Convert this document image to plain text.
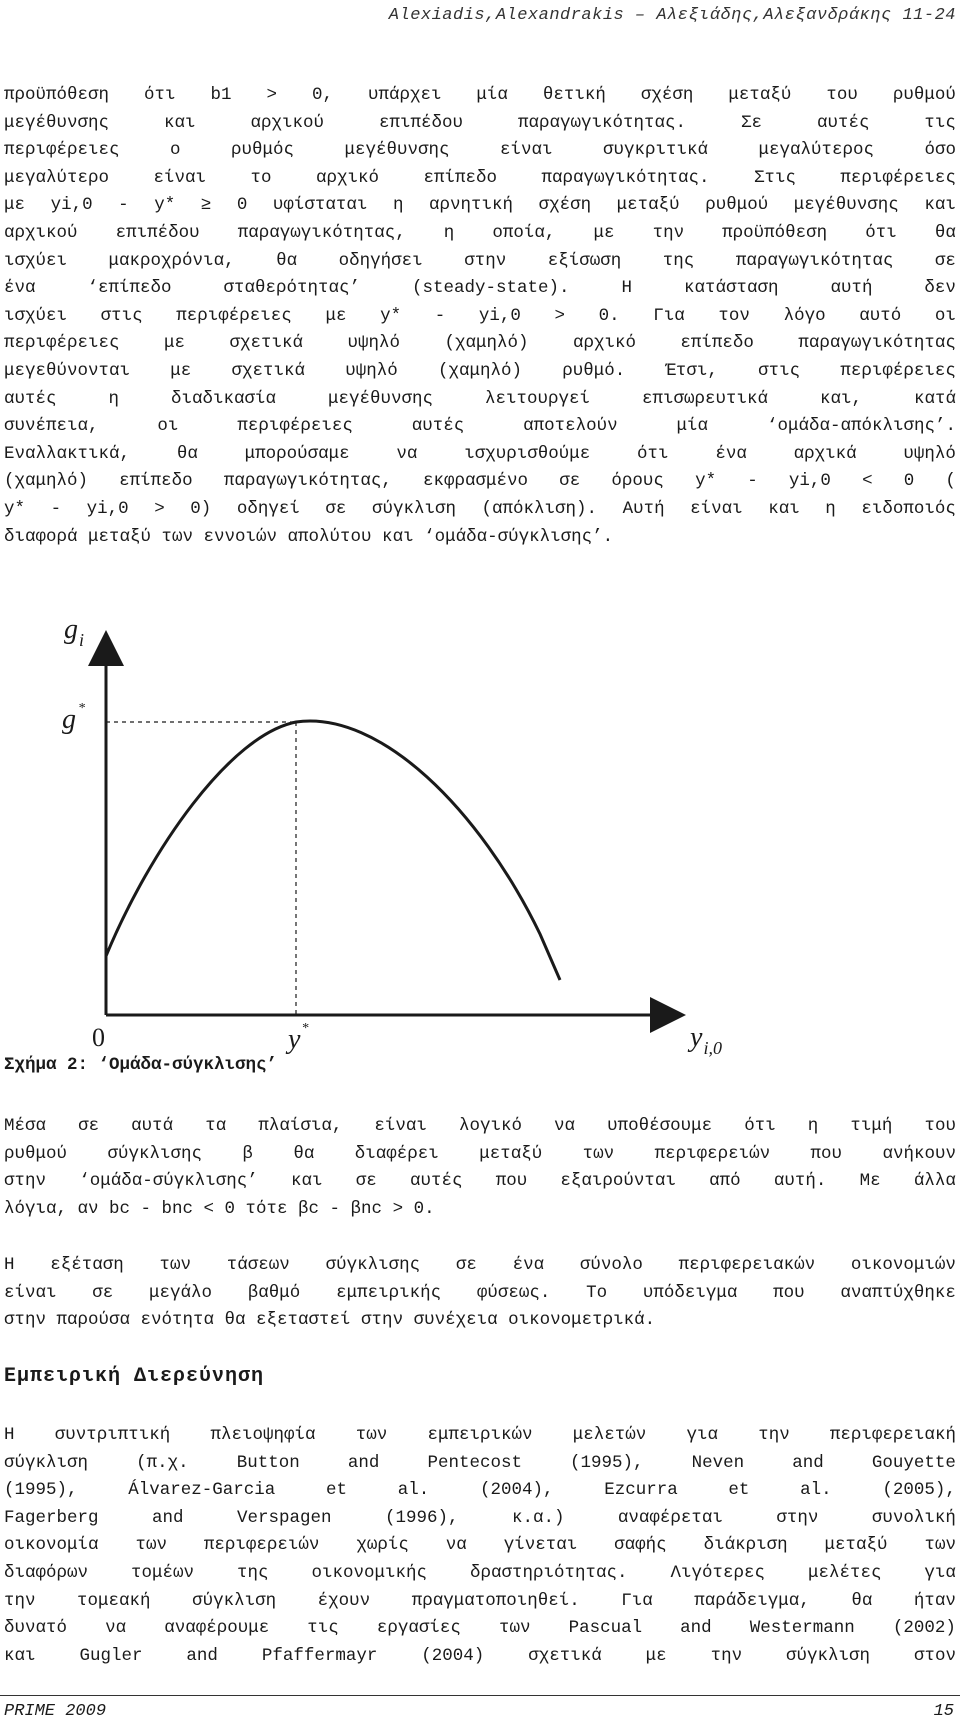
Alexiadis,Alexandrakis – Αλεξιάδης,Αλεξανδράκης 11-24
προϋπόθεση ότι b1 > 0, υπάρχει μία θετική σχέση μεταξύ του ρυθμού
μεγέθυνσης	και	αρχικού	επιπέδου	παραγωγικότητας.	Σε	αυτές	τις
περιφέρειες	ο	ρυθμός	μεγέθυνσης	είναι	συγκριτικά	μεγαλύτερος	όσο
μεγαλύτερο	είναι	το	αρχικό	επίπεδο	παραγωγικότητας.	Στις	περιφέρειες
με yi,0 - y* ≥ 0 υφίσταται η αρνητική σχέση μεταξύ ρυθμού μεγέθυνσης και
αρχικού επιπέδου παραγωγικότητας, η οποία, με την προϋπόθεση ότι θα
ισχύει μακροχρόνια, θα οδηγήσει στην εξίσωση της παραγωγικότητας σε
ένα	‘επίπεδο	σταθερότητας’	(steady-state).	Η	κατάσταση	αυτή	δεν
ισχύει στις περιφέρειες με y* - yi,0 > 0. Για τον λόγο αυτό οι
περιφέρειες	με	σχετικά	υψηλό	(χαμηλό)	αρχικό	επίπεδο	παραγωγικότητας
μεγεθύνονται με σχετικά υψηλό (χαμηλό) ρυθμό. Έτσι, στις περιφέρειες
αυτές	η	διαδικασία	μεγέθυνσης	λειτουργεί	επισωρευτικά	και,	κατά
συνέπεια,	οι	περιφέρειες	αυτές	αποτελούν	μία	‘ομάδα-απόκλισης’.
Εναλλακτικά,	θα	μπορούσαμε	να	ισχυρισθούμε	ότι	ένα	αρχικά	υψηλό
(χαμηλό) επίπεδο παραγωγικότητας, εκφρασμένο σε όρους y* - yi,0 < 0 (
y* - yi,0 > 0) οδηγεί σε σύγκλιση (απόκλιση). Αυτή είναι και η ειδοποιός
διαφορά μεταξύ των εννοιών απολύτου και ‘ομάδα-σύγκλισης’.
$g_i$
g *
0	y*	$y_{i,0}$
Σχήμα 2: ‘Ομάδα-σύγκλισης’
Μέσα σε αυτά τα πλαίσια, είναι λογικό να υποθέσουμε ότι η τιμή του
ρυθμού σύγκλισης β θα διαφέρει μεταξύ των περιφερειών που ανήκουν
στην ‘ομάδα-σύγκλισης’ και σε αυτές που εξαιρούνται από αυτή. Με άλλα
λόγια, αν bc - bnc < 0 τότε βc - βnc > 0.
Η εξέταση των τάσεων σύγκλισης σε ένα σύνολο περιφερειακών οικονομιών
είναι σε μεγάλο βαθμό εμπειρικής φύσεως. Το υπόδειγμα που αναπτύχθηκε
στην παρούσα ενότητα θα εξεταστεί στην συνέχεια οικονομετρικά.
Εμπειρική Διερεύνηση
Η συντριπτική πλειοψηφία των εμπειρικών μελετών για την περιφερειακή
σύγκλιση	(π.χ.	Button	and	Pentecost	(1995),	Neven	and	Gouyette
(1995),	Álvarez-Garcia	et	al.	(2004),	Ezcurra	et	al.	(2005),
Fagerberg	and	Verspagen	(1996),	κ.α.)	αναφέρεται	στην	συνολική
οικονομία των περιφερειών χωρίς να γίνεται σαφής διάκριση μεταξύ των
διαφόρων τομέων της οικονομικής δραστηριότητας. Λιγότερες μελέτες για
την τομεακή σύγκλιση έχουν πραγματοποιηθεί. Για παράδειγμα, θα ήταν
δυνατό να αναφέρουμε τις εργασίες των Pascual and Westermann (2002)
και	Gugler	and	Pfaffermayr	(2004)	σχετικά	με	την	σύγκλιση	στον
PRIME 2009	15
